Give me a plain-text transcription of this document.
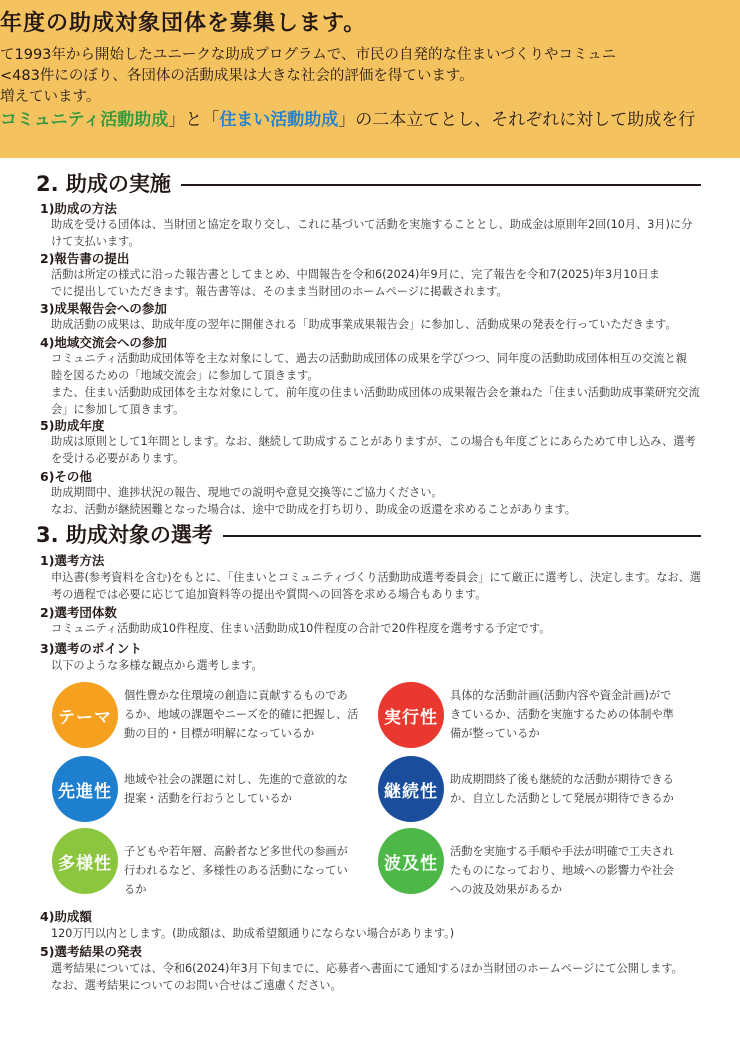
年度の助成対象団体を募集します。
て1993年から開始したユニークな助成プログラムで、市民の自発的な住まいづくりやコミュニ
<483件にのぼり、各団体の活動成果は大きな社会的評価を得ています。
増えています。
コミュニティ活動助成」と「住まい活動助成」の二本立てとし、それぞれに対して助成を行
2. 助成の実施
1)助成の方法
助成を受ける団体は、当財団と協定を取り交し、これに基づいて活動を実施することとし、助成金は原則年2回(10月、3月)に分
けて支払います。
2)報告書の提出
活動は所定の様式に沿った報告書としてまとめ、中間報告を令和6(2024)年9月に、完了報告を令和7(2025)年3月10日ま
でに提出していただきます。報告書等は、そのまま当財団のホームページに掲載されます。
3)成果報告会への参加
助成活動の成果は、助成年度の翌年に開催される「助成事業成果報告会」に参加し、活動成果の発表を行っていただきます。
4)地域交流会への参加
コミュニティ活動助成団体等を主な対象にして、過去の活動助成団体の成果を学びつつ、同年度の活動助成団体相互の交流と親
睦を図るための「地域交流会」に参加して頂きます。
また、住まい活動助成団体を主な対象にして、前年度の住まい活動助成団体の成果報告会を兼ねた「住まい活動助成事業研究交流
会」に参加して頂きます。
5)助成年度
助成は原則として1年間とします。なお、継続して助成することがありますが、この場合も年度ごとにあらためて申し込み、選考
を受ける必要があります。
6)その他
助成期間中、進捗状況の報告、現地での説明や意見交換等にご協力ください。
なお、活動が継続困難となった場合は、途中で助成を打ち切り、助成金の返還を求めることがあります。
3. 助成対象の選考
1)選考方法
申込書(参考資料を含む)をもとに、「住まいとコミュニティづくり活動助成選考委員会」にて厳正に選考し、決定します。なお、選
考の過程では必要に応じて追加資料等の提出や質問への回答を求める場合もあります。
2)選考団体数
コミュニティ活動助成10件程度、住まい活動助成10件程度の合計で20件程度を選考する予定です。
3)選考のポイント
以下のような多様な観点から選考します。
テーマ
個性豊かな住環境の創造に貢献するものであ
るか、地域の課題やニーズを的確に把握し、活
動の目的・目標が明解になっているか
実行性
具体的な活動計画(活動内容や資金計画)がで
きているか、活動を実施するための体制や準
備が整っているか
先進性
地域や社会の課題に対し、先進的で意欲的な
提案・活動を行おうとしているか	継続性
助成期間終了後も継続的な活動が期待できる
か、自立した活動として発展が期待できるか
多様性
子どもや若年層、高齢者など多世代の参画が
行われるなど、多様性のある活動になってい
るか
波及性
活動を実施する手順や手法が明確で工夫され
たものになっており、地域への影響力や社会
への波及効果があるか
4)助成額
120万円以内とします。(助成額は、助成希望額通りにならない場合があります。)
5)選考結果の発表
選考結果については、令和6(2024)年3月下旬までに、応募者へ書面にて通知するほか当財団のホームページにて公開します。
なお、選考結果についてのお問い合せはご遠慮ください。
